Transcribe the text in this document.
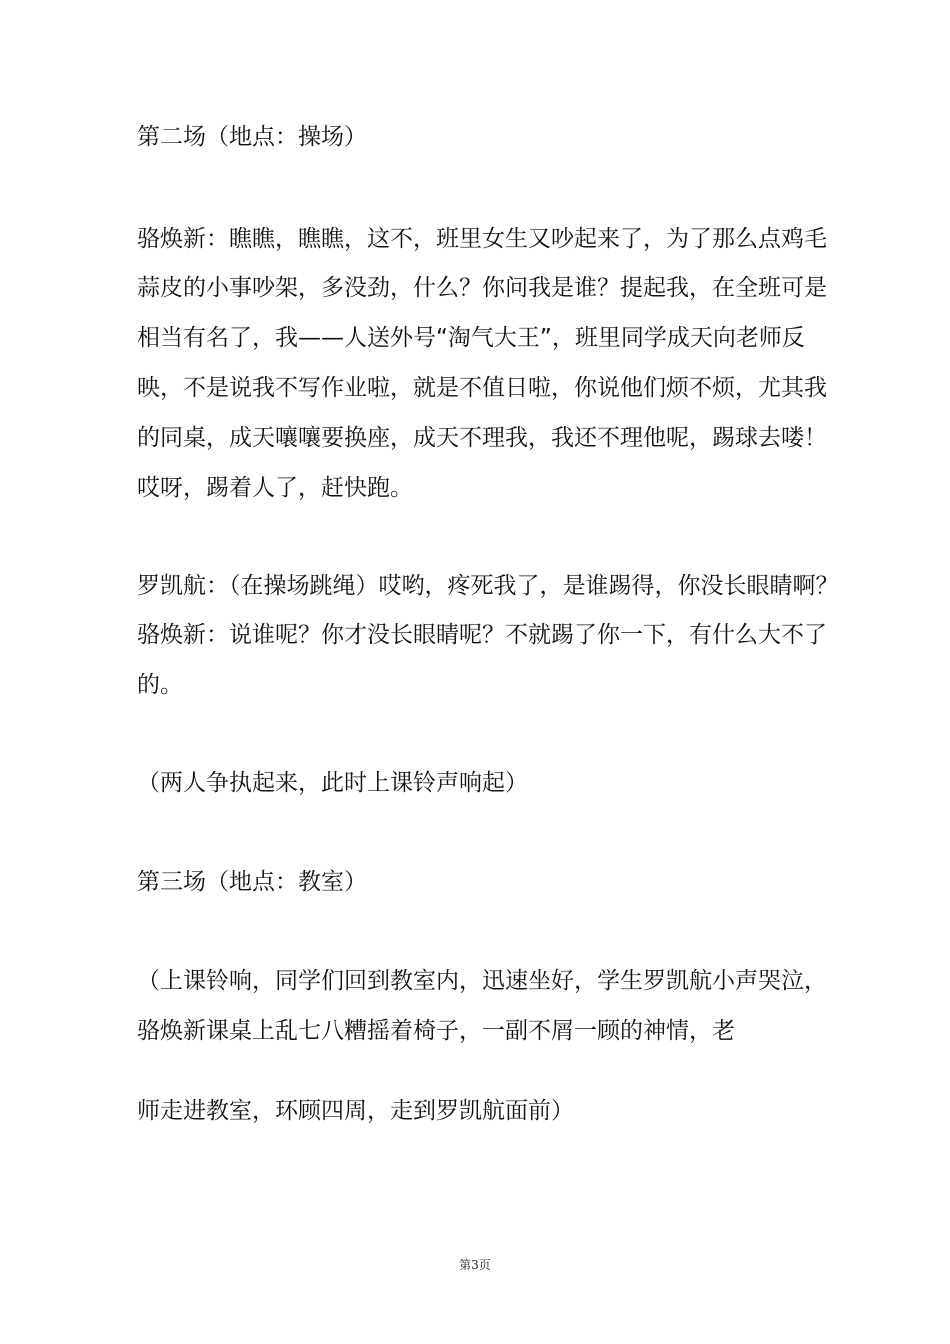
第二场（地点：操场）

骆焕新：瞧瞧，瞧瞧，这不，班里女生又吵起来了，为了那么点鸡毛

蒜皮的小事吵架，多没劲，什么？你问我是谁？提起我，在全班可是

相当有名了，我——人送外号“淘气大王”，班里同学成天向老师反

映，不是说我不写作业啦，就是不值日啦，你说他们烦不烦，尤其我

的同桌，成天嚷嚷要换座，成天不理我，我还不理他呢，踢球去喽！

哎呀，踢着人了，赶快跑。

罗凯航：（在操场跳绳）哎哟，疼死我了，是谁踢得，你没长眼睛啊？

骆焕新：说谁呢？你才没长眼睛呢？不就踢了你一下，有什么大不了

的。

（两人争执起来，此时上课铃声响起）

第三场（地点：教室）

（上课铃响，同学们回到教室内，迅速坐好，学生罗凯航小声哭泣，

骆焕新课桌上乱七八糟摇着椅子，一副不屑一顾的神情，老

师走进教室，环顾四周，走到罗凯航面前）

第3页
